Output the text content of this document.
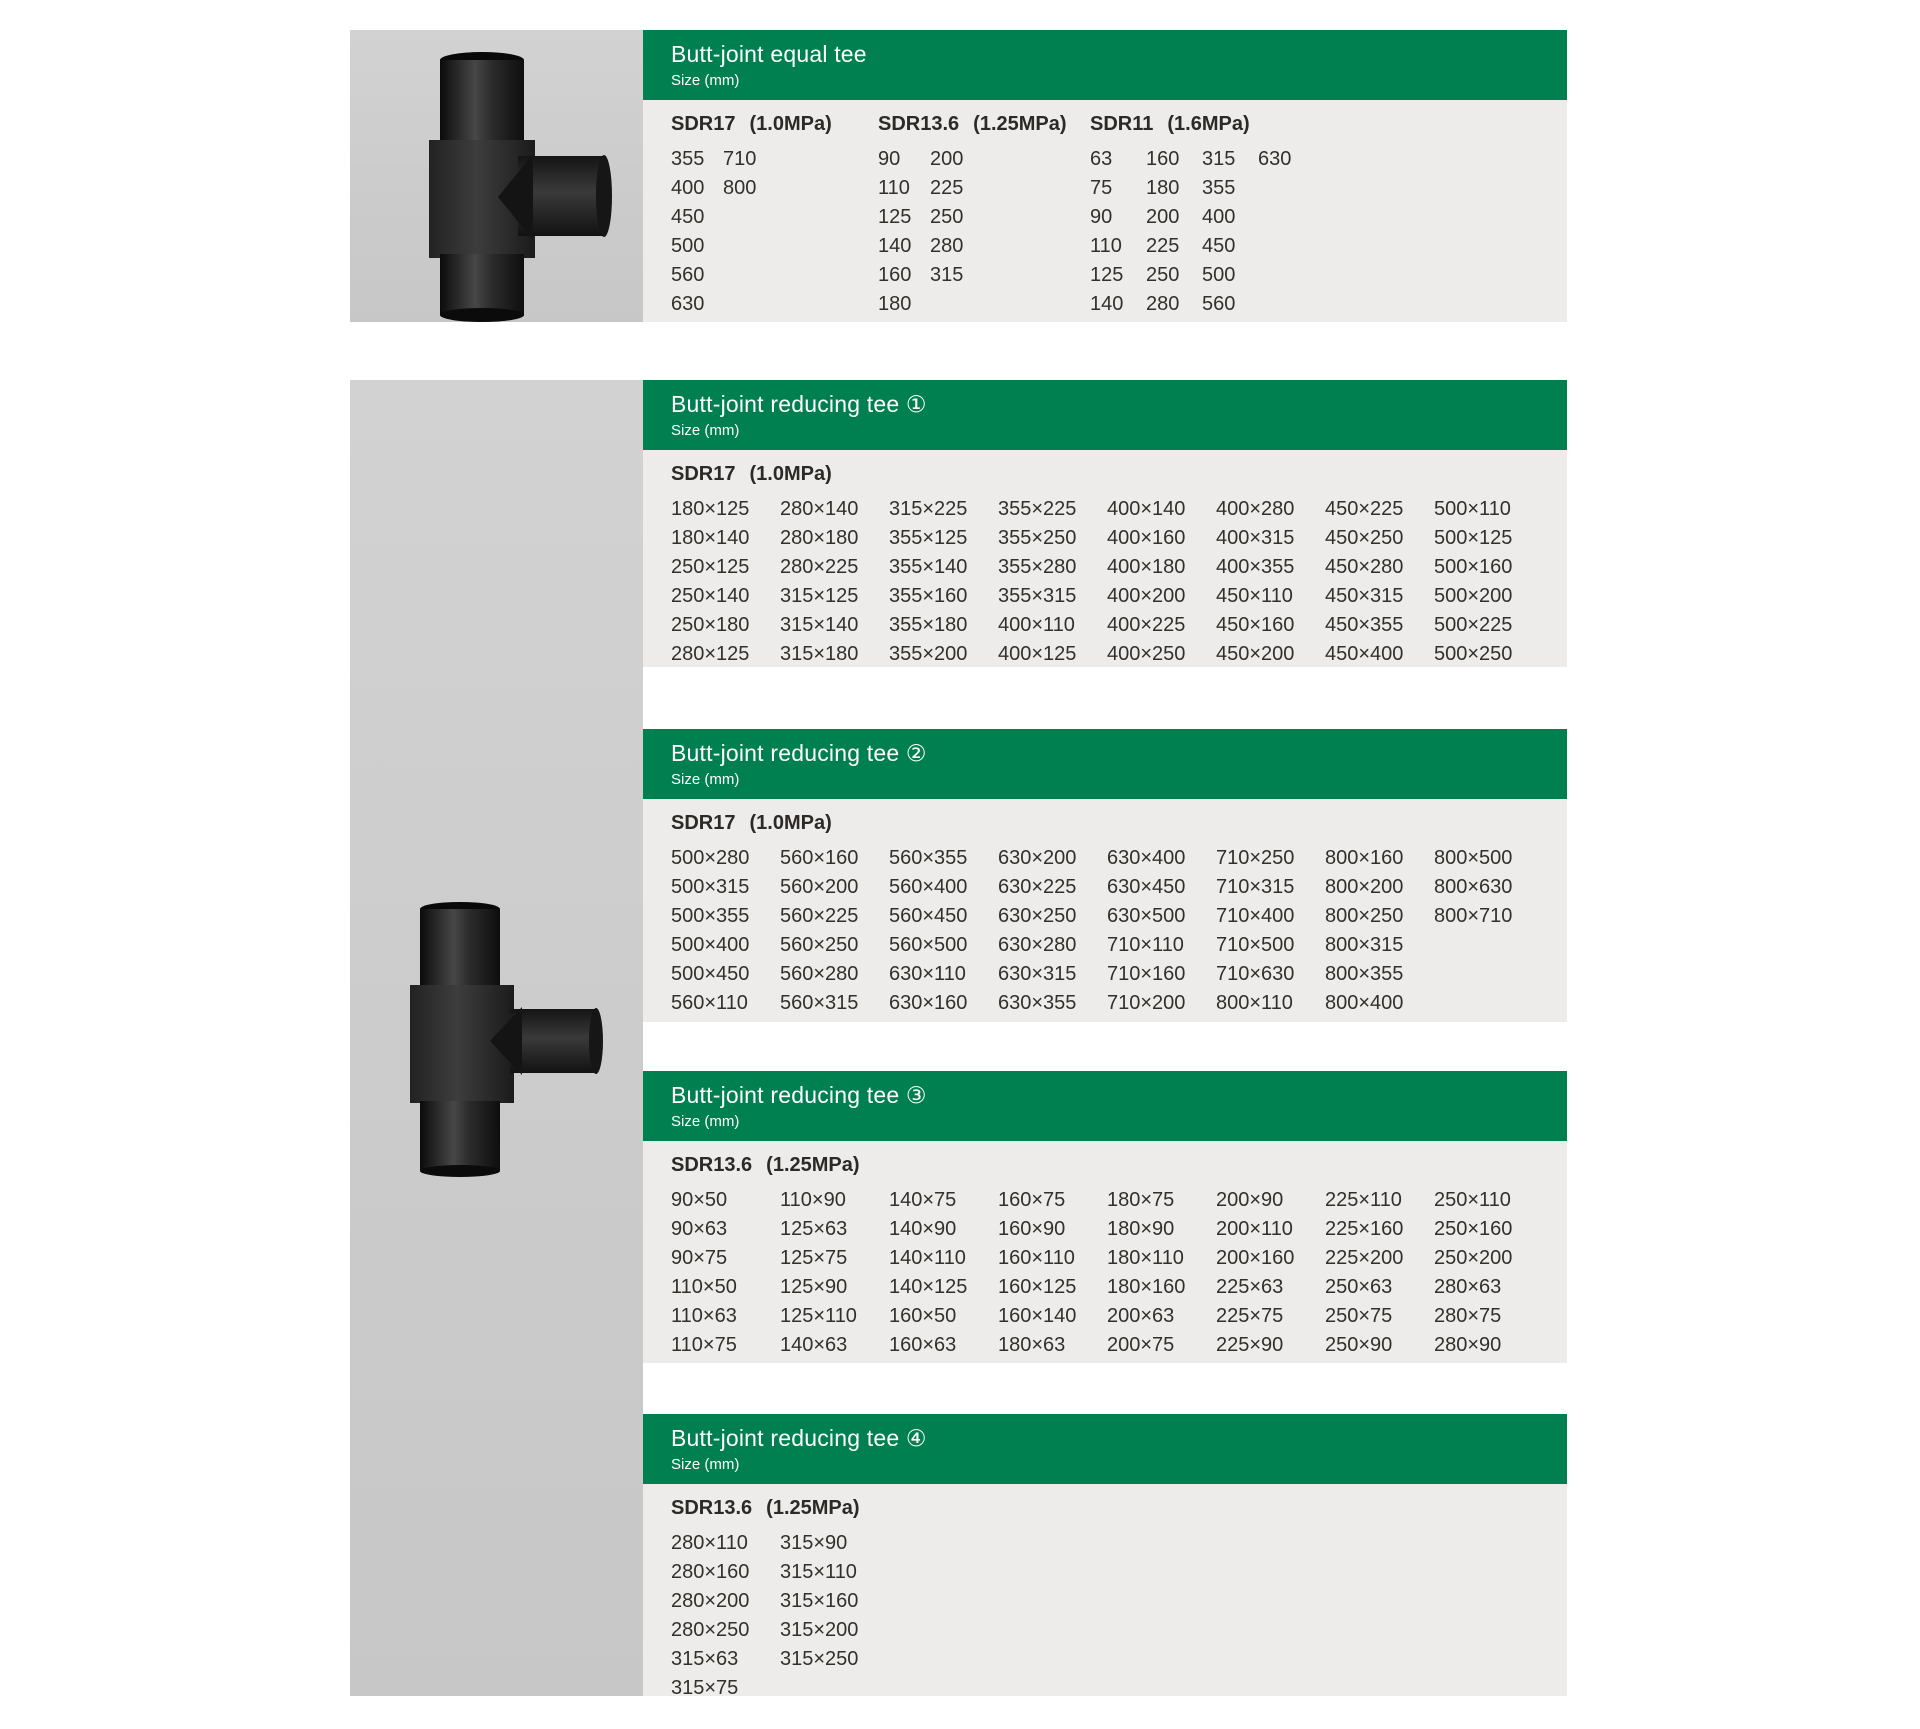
Butt-joint equal tee
Size (mm)
SDR17 (1.0MPa)
355 710
400 800
450
500
560
630
SDR13.6 (1.25MPa)
90	200
110	225
125 250
140 280
160 315
180
SDR11 (1.6MPa)
63	160	315	630
75	180	355
90	200	400
110	225	450
125	250	500
140	280	560
Butt-joint reducing tee ①
Size (mm)
SDR17 (1.0MPa)
180×125	280×140	315×225	355×225	400×140	400×280	450×225	500×110
180×140	280×180	355×125	355×250	400×160	400×315	450×250	500×125
250×125	280×225	355×140	355×280	400×180	400×355	450×280	500×160
250×140	315×125	355×160	355×315	400×200	450×110	450×315	500×200
250×180	315×140	355×180	400×110	400×225	450×160	450×355	500×225
280×125	315×180	355×200	400×125	400×250	450×200	450×400	500×250
Butt-joint reducing tee ②
Size (mm)
SDR17 (1.0MPa)
500×280	560×160	560×355	630×200	630×400	710×250	800×160	800×500
500×315	560×200	560×400	630×225	630×450	710×315	800×200	800×630
500×355	560×225	560×450	630×250	630×500	710×400	800×250	800×710
500×400	560×250	560×500	630×280	710×110	710×500	800×315
500×450	560×280	630×110	630×315	710×160	710×630	800×355
560×110	560×315	630×160	630×355	710×200	800×110	800×400
Butt-joint reducing tee ③
Size (mm)
SDR13.6 (1.25MPa)
90×50	110×90	140×75	160×75	180×75	200×90	225×110	250×110
90×63	125×63	140×90	160×90	180×90	200×110	225×160	250×160
90×75	125×75	140×110	160×110	180×110	200×160	225×200	250×200
110×50	125×90	140×125	160×125	180×160	225×63	250×63	280×63
110×63	125×110	160×50	160×140	200×63	225×75	250×75	280×75
110×75	140×63	160×63	180×63	200×75	225×90	250×90	280×90
Butt-joint reducing tee ④
Size (mm)
SDR13.6 (1.25MPa)
280×110	315×90
280×160	315×110
280×200	315×160
280×250	315×200
315×63	315×250
315×75
